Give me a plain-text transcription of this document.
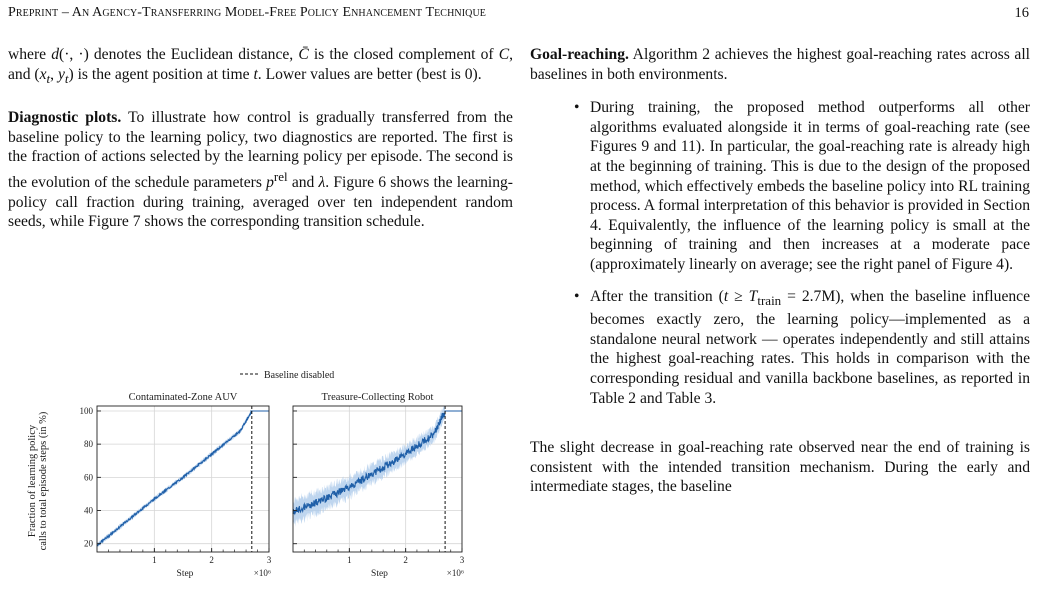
Preprint – An Agency-Transferring Model-Free Policy Enhancement Technique	16

where d(·, ·) denotes the Euclidean distance, C̄ is the closed complement of C, and ($x_t$, $y_t$) is the agent position at time t. Lower values are better (best is 0).

Diagnostic plots. To illustrate how control is gradually transferred from the baseline policy to the learning policy, two diagnostics are reported. The first is the fraction of actions selected by the learning policy per episode. The second is the evolution of the schedule parameters $p^{rel}$ and λ. Figure 6 shows the learning-policy call fraction during training, averaged over ten independent random seeds, while Figure 7 shows the corresponding transition schedule.

Goal-reaching. Algorithm 2 achieves the highest goal-reaching rates across all baselines in both environments.

• During training, the proposed method outperforms all other algorithms evaluated alongside it in terms of goal-reaching rate (see Figures 9 and 11). In particular, the goal-reaching rate is already high at the beginning of training. This is due to the design of the proposed method, which effectively embeds the baseline policy into RL training process. A formal interpretation of this behavior is provided in Section 4. Equivalently, the influence of the learning policy is small at the beginning of training and then increases at a moderate pace (approximately linearly on average; see the right panel of Figure 4).
• After the transition $(t \ge T_{train} = 2.7M)$, when the baseline influence becomes exactly zero, the learning policy—implemented as a standalone neural network — operates independently and still attains the highest goal-reaching rates. This holds in comparison with the corresponding residual and vanilla backbone baselines, as reported in Table 2 and Table 3.

The slight decrease in goal-reaching rate observed near the end of training is consistent with the intended transition mechanism. During the early and intermediate stages, the baseline

Baseline disabled
Fraction of learning policy calls to total episode steps (in %)
1	2	3
20
40
60
80
100
Contaminated-Zone AUV
Step	×10⁶
1	2	3
Treasure-Collecting Robot
Step	×10⁶
